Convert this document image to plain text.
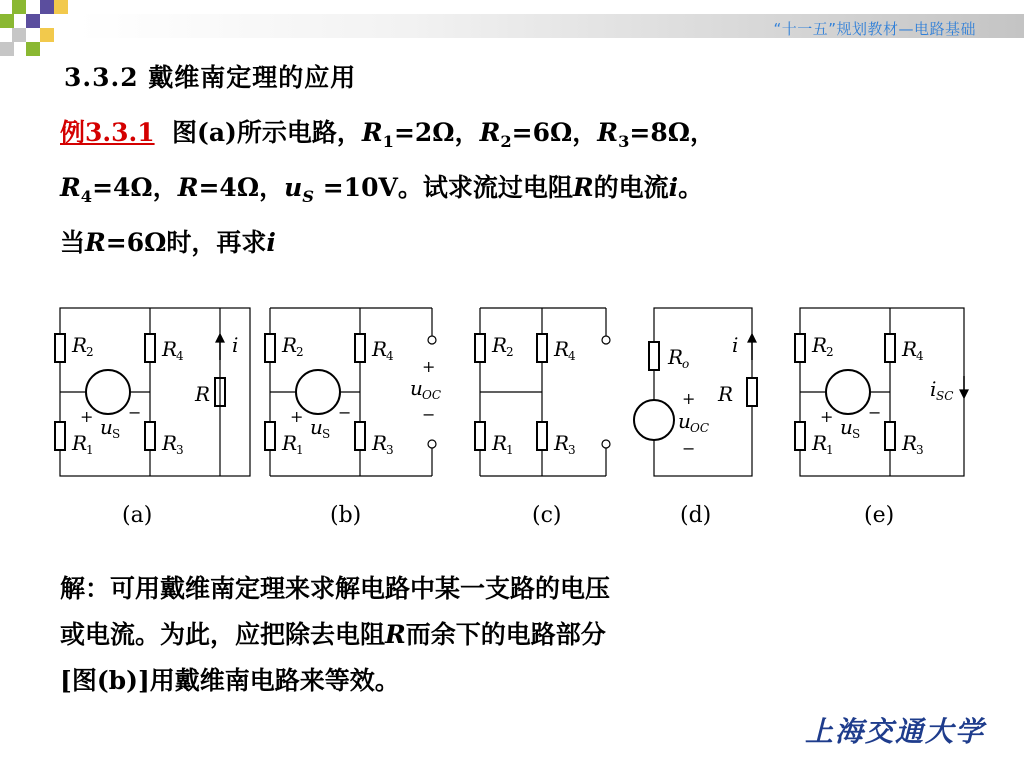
“十一五”规划教材—电路基础
3.3.2 戴维南定理的应用
例3.3.1 图(a)所示电路，$R_1=2\Omega$，$R_2=6\Omega$，$R_3=8\Omega$，
$R_4=4\Omega$，R=4Ω，$u_S =10V$。试求流过电阻R的电流i。
当R=6Ω时，再求i
R
2
R
1
R
4
R
3
R
i
+ −
u S
(a)
R
2
R
1
R
4
R
3
+
u OC
−
+ −
u S
(b)
R
2
R
1
R
4
R
3
(c)
R
o
i
R
+
u OC
−
(d)
R
2
R
1
R
4
R
3
i SC
+ −
u S
(e)
解：可用戴维南定理来求解电路中某一支路的电压
或电流。为此，应把除去电阻R而余下的电路部分
[图(b)]用戴维南电路来等效。
上海交通大学
